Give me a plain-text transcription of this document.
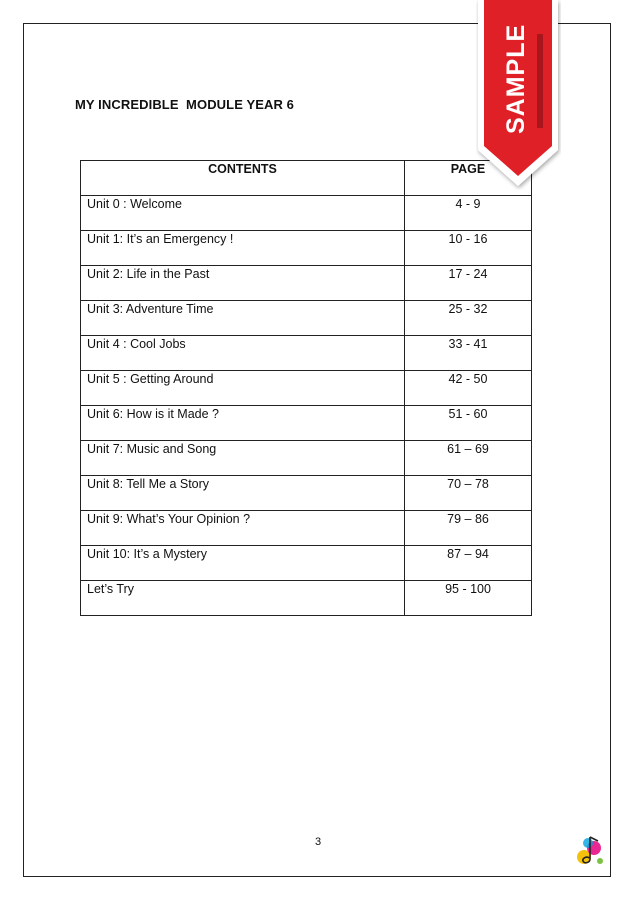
MY INCREDIBLE  MODULE YEAR 6
CONTENTS	PAGE
Unit 0 : Welcome	4 - 9
Unit 1: It’s an Emergency !	10 - 16
Unit 2: Life in the Past	17 - 24
Unit 3: Adventure Time	25 - 32
Unit 4 : Cool Jobs	33 - 41
Unit 5 : Getting Around	42 - 50
Unit 6: How is it Made ?	51 - 60
Unit 7: Music and Song	61 – 69
Unit 8: Tell Me a Story	70 – 78
Unit 9: What’s Your Opinion ?	79 – 86
Unit 10: It’s a Mystery	87 – 94
Let’s Try	95 - 100
3
SAMPLE
